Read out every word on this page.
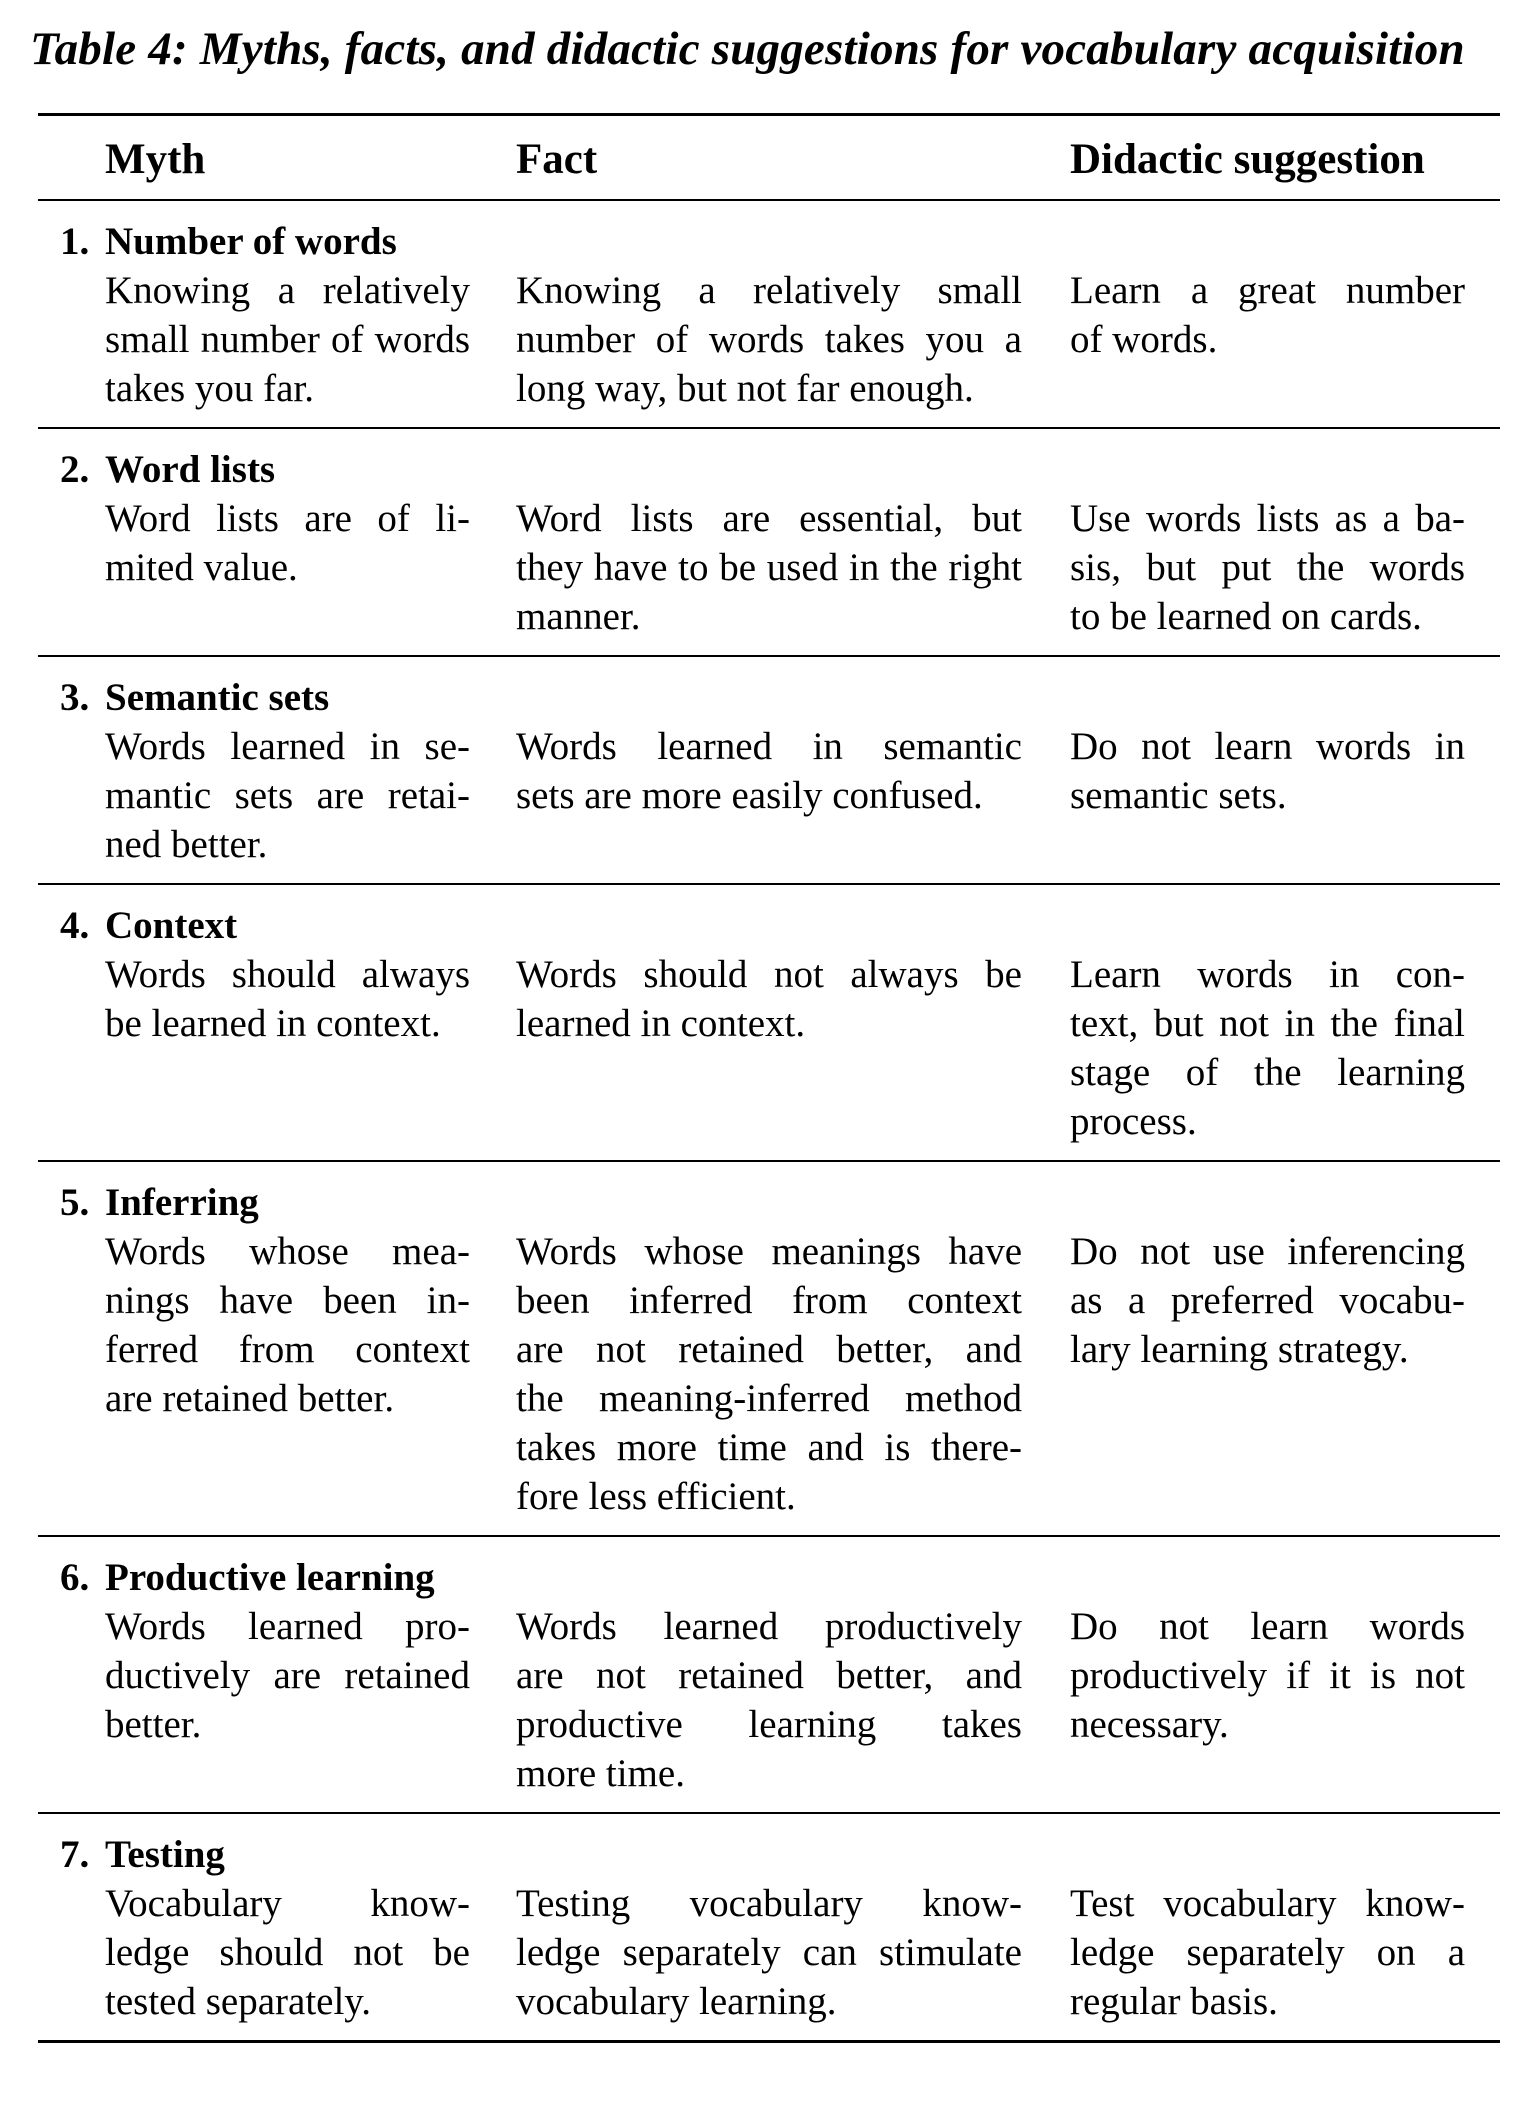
Table 4: Myths, facts, and didactic suggestions for vocabulary acquisition
Myth	Fact	Didactic suggestion
1. Number of words
Knowing a relatively
small number of words
takes you far.
Knowing a relatively small
number of words takes you a
long way, but not far enough.
Learn a great number
of words.
2. Word lists
Word lists are of li-
mited value.
Word lists are essential, but
they have to be used in the right
manner.
Use words lists as a ba-
sis, but put the words
to be learned on cards.
3. Semantic sets
Words learned in se-
mantic sets are retai-
ned better.
Words learned in semantic
sets are more easily confused.
Do not learn words in
semantic sets.
4. Context
Words should always
be learned in context.
Words should not always be
learned in context.
Learn words in con-
text, but not in the final
stage of the learning
process.
5. Inferring
Words whose mea-
nings have been in-
ferred from context
are retained better.
Words whose meanings have
been inferred from context
are not retained better, and
the meaning-inferred method
takes more time and is there-
fore less efficient.
Do not use inferencing
as a preferred vocabu-
lary learning strategy.
6. Productive learning
Words learned pro-
ductively are retained
better.
Words learned productively
are not retained better, and
productive learning takes
more time.
Do not learn words
productively if it is not
necessary.
7. Testing
Vocabulary know-
ledge should not be
tested separately.
Testing vocabulary know-
ledge separately can stimulate
vocabulary learning.
Test vocabulary know-
ledge separately on a
regular basis.
